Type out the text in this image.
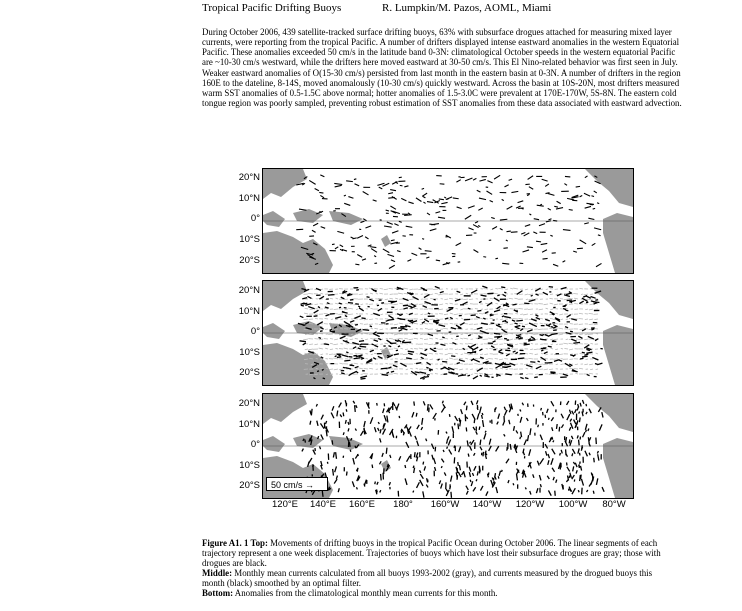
Tropical Pacific Drifting Buoys	R. Lumpkin/M. Pazos, AOML, Miami

During October 2006, 439 satellite-tracked surface drifting buoys, 63% with subsurface drogues attached for measuring mixed layer currents, were reporting from the tropical Pacific. A number of drifters displayed intense eastward anomalies in the western Equatorial Pacific. These anomalies exceeded 50 cm/s in the latitude band 0-3N: climatological October speeds in the western equatorial Pacific are ~10-30 cm/s westward, while the drifters here moved eastward at 30-50 cm/s. This El Nino-related behavior was first seen in July. Weaker eastward anomalies of O(15-30 cm/s) persisted from last month in the eastern basin at 0-3N. A number of drifters in the region 160E to the dateline, 8-14S, moved anomalously (10-30 cm/s) quickly westward. Across the basin at 10S-20N, most drifters measured warm SST anomalies of 0.5-1.5C above normal; hotter anomalies of 1.5-3.0C were prevalent at 170E-170W, 5S-8N. The eastern cold tongue region was poorly sampled, preventing robust estimation of SST anomalies from these data associated with eastward advection.

20°N
10°N
0°
10°S
20°S
20°N
10°N
0°
10°S
20°S
20°N
10°N
0°
10°S
20°S	50 cm/s →
120°E 140°E 160°E 180° 160°W 140°W 120°W 100°W 80°W

Figure A1. 1 Top: Movements of drifting buoys in the tropical Pacific Ocean during October 2006. The linear segments of each trajectory represent a one week displacement. Trajectories of buoys which have lost their subsurface drogues are gray; those with drogues are black.

Middle: Monthly mean currents calculated from all buoys 1993-2002 (gray), and currents measured by the drogued buoys this month (black) smoothed by an optimal filter.

Bottom: Anomalies from the climatological monthly mean currents for this month.
